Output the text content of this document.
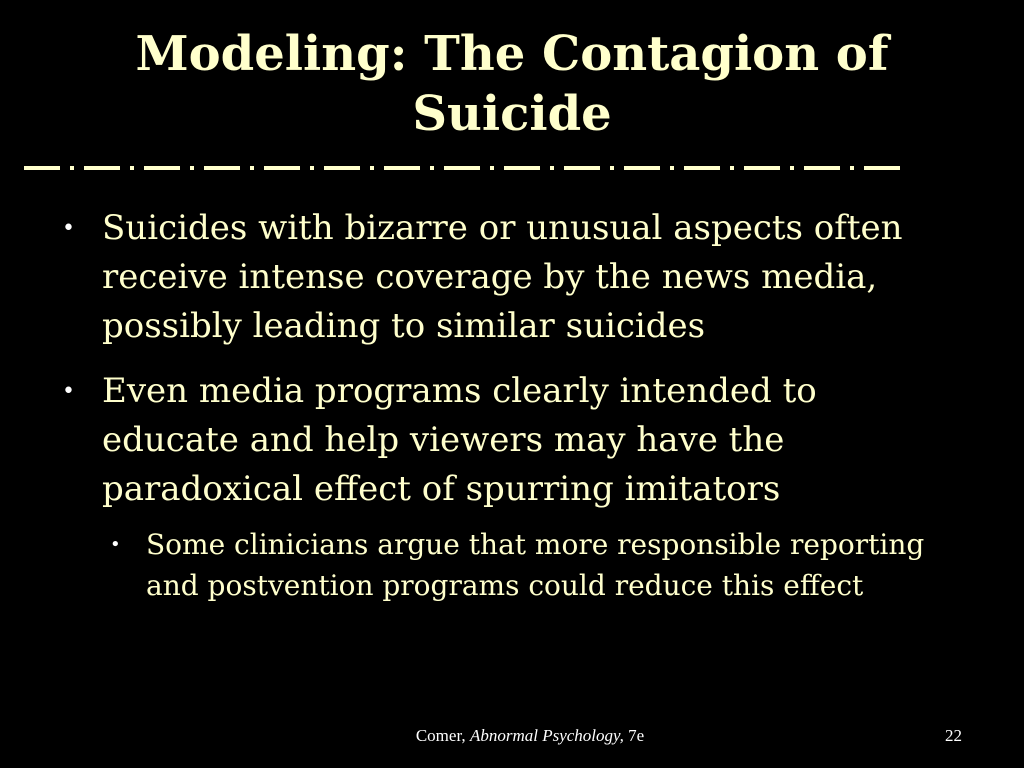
Modeling: The Contagion of Suicide
• Suicides with bizarre or unusual aspects often receive intense coverage by the news media, possibly leading to similar suicides
• Even media programs clearly intended to educate and help viewers may have the paradoxical effect of spurring imitators
• Some clinicians argue that more responsible reporting and postvention programs could reduce this effect
Comer, Abnormal Psychology, 7e	22
